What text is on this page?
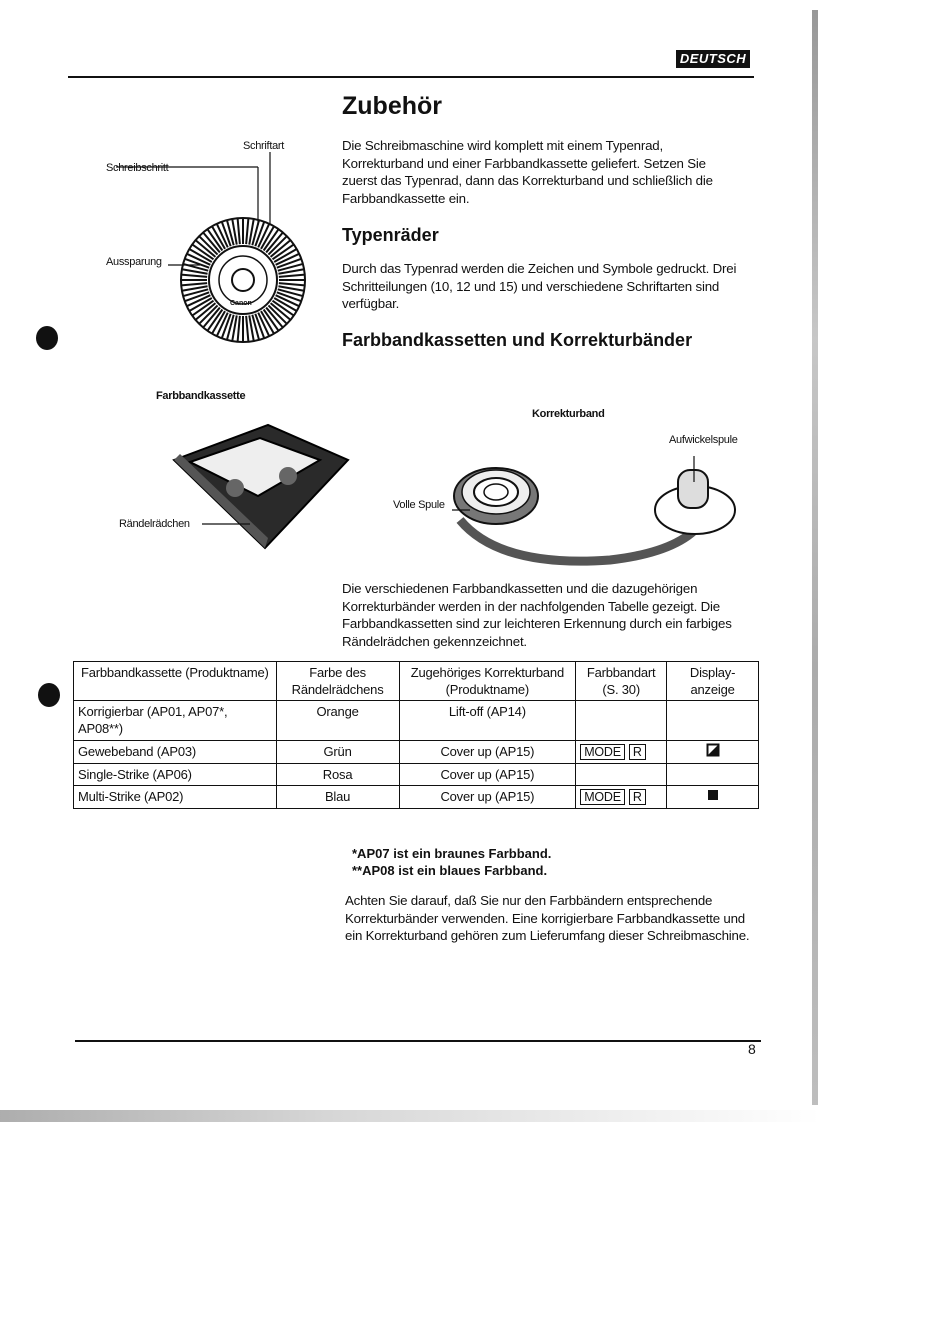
DEUTSCH
Zubehör
Die Schreibmaschine wird komplett mit einem Typenrad, Korrekturband und einer Farbbandkassette geliefert. Setzen Sie zuerst das Typenrad, dann das Korrekturband und schließlich die Farbbandkassette ein.
Schriftart
Schreibschritt
Aussparung
Canon
Typenräder
Durch das Typenrad werden die Zeichen und Symbole gedruckt. Drei Schritteilungen (10, 12 und 15) und verschiedene Schriftarten sind verfügbar.
Farbbandkassetten und Korrekturbänder
Farbbandkassette
Rändelrädchen
Korrekturband
Aufwickelspule
Volle Spule
Die verschiedenen Farbbandkassetten und die dazugehörigen Korrekturbänder werden in der nachfolgenden Tabelle gezeigt. Die Farbbandkassetten sind zur leichteren Erkennung durch ein farbiges Rändelrädchen gekennzeichnet.
Farbbandkassette (Produktname)	Farbe des Rändelrädchens	Zugehöriges Korrekturband (Produktname)	Farbbandart (S. 30)	Display-anzeige
Korrigierbar (AP01, AP07*, AP08**)	Orange	Lift-off (AP14)		
Gewebeband (AP03)	Grün	Cover up (AP15)	MODE R	
Single-Strike (AP06)	Rosa	Cover up (AP15)		
Multi-Strike (AP02)	Blau	Cover up (AP15)	MODE R	
*AP07 ist ein braunes Farbband.
**AP08 ist ein blaues Farbband.
Achten Sie darauf, daß Sie nur den Farbbändern entsprechende Korrekturbänder verwenden. Eine korrigierbare Farbbandkassette und ein Korrekturband gehören zum Lieferumfang dieser Schreibmaschine.
8
